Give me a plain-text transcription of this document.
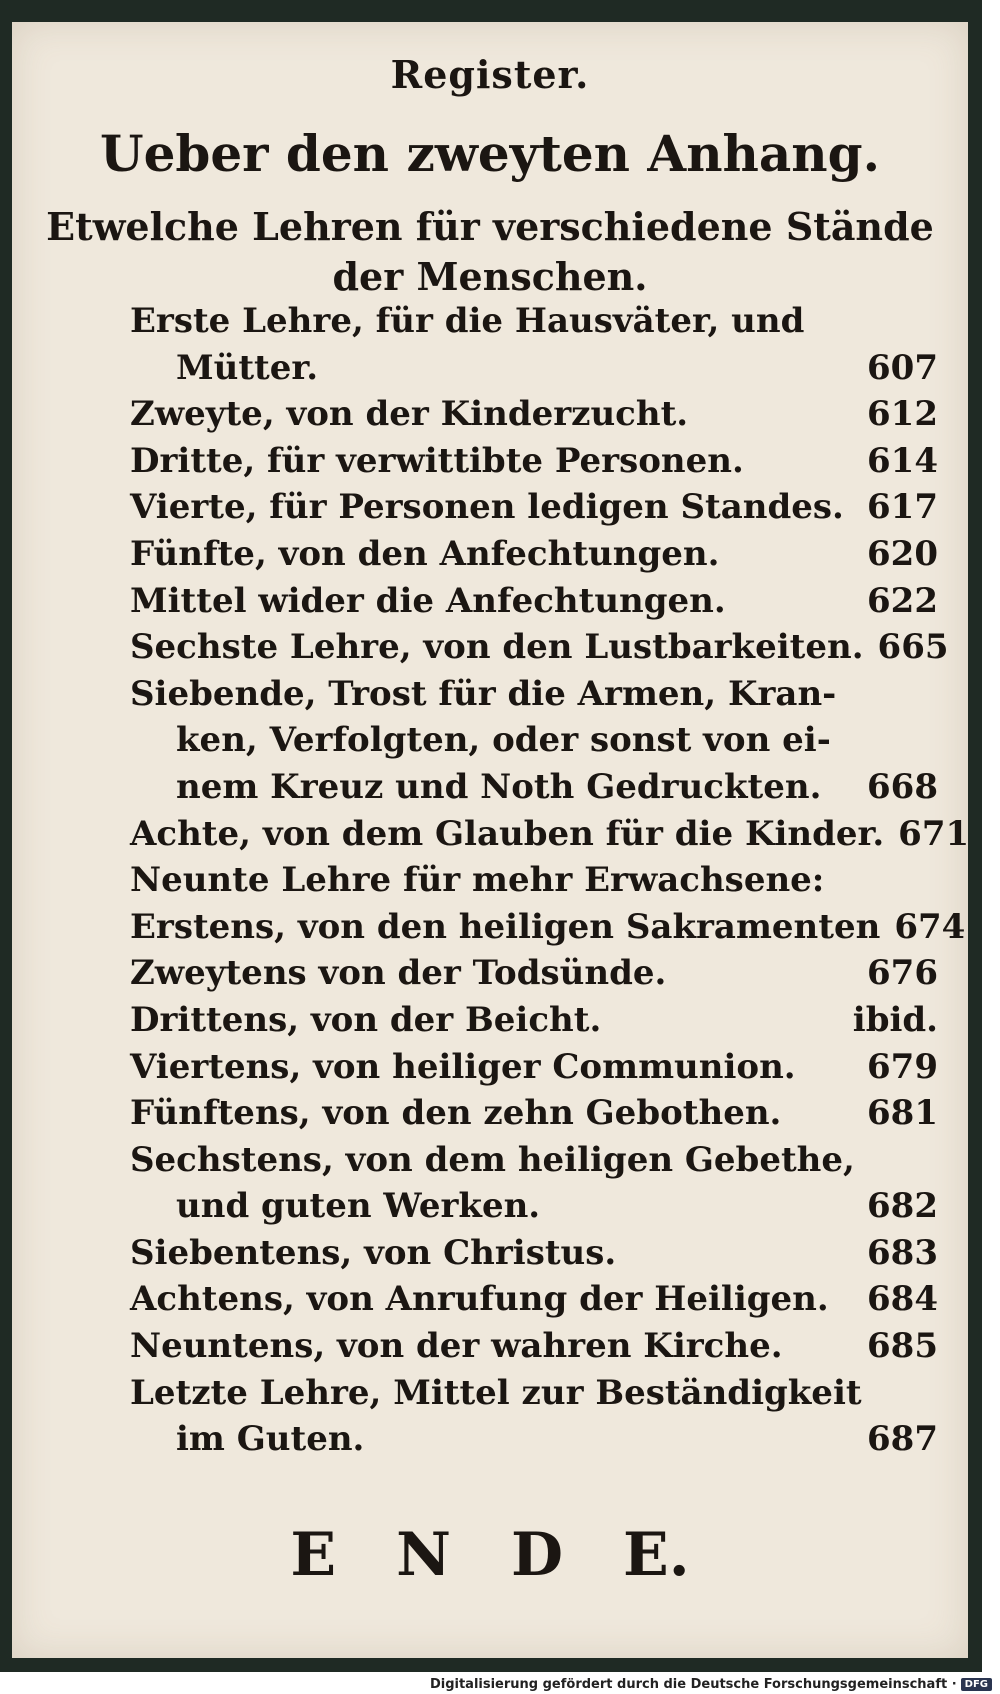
Register.
Ueber den zweyten Anhang.
Etwelche Lehren für verschiedene Stände
der Menschen.
Erste Lehre, für die Hausväter, und
Mütter.	607
Zweyte, von der Kinderzucht.	612
Dritte, für verwittibte Personen.	614
Vierte, für Personen ledigen Standes. 617
Fünfte, von den Anfechtungen.	620
Mittel wider die Anfechtungen.	622
Sechste Lehre, von den Lustbarkeiten. 665
Siebende, Trost für die Armen, Kran-
ken, Verfolgten, oder sonst von ei-
nem Kreuz und Noth Gedruckten.	668
Achte, von dem Glauben für die Kinder. 671
Neunte Lehre für mehr Erwachsene:
Erstens, von den heiligen Sakramenten 674
Zweytens von der Todsünde.	676
Drittens, von der Beicht.	ibid.
Viertens, von heiliger Communion.	679
Fünftens, von den zehn Gebothen.	681
Sechstens, von dem heiligen Gebethe,
und guten Werken.	682
Siebentens, von Christus.	683
Achtens, von Anrufung der Heiligen.	684
Neuntens, von der wahren Kirche.	685
Letzte Lehre, Mittel zur Beständigkeit
im Guten.	687
E N D E.
Digitalisierung gefördert durch die Deutsche Forschungsgemeinschaft · DFG
